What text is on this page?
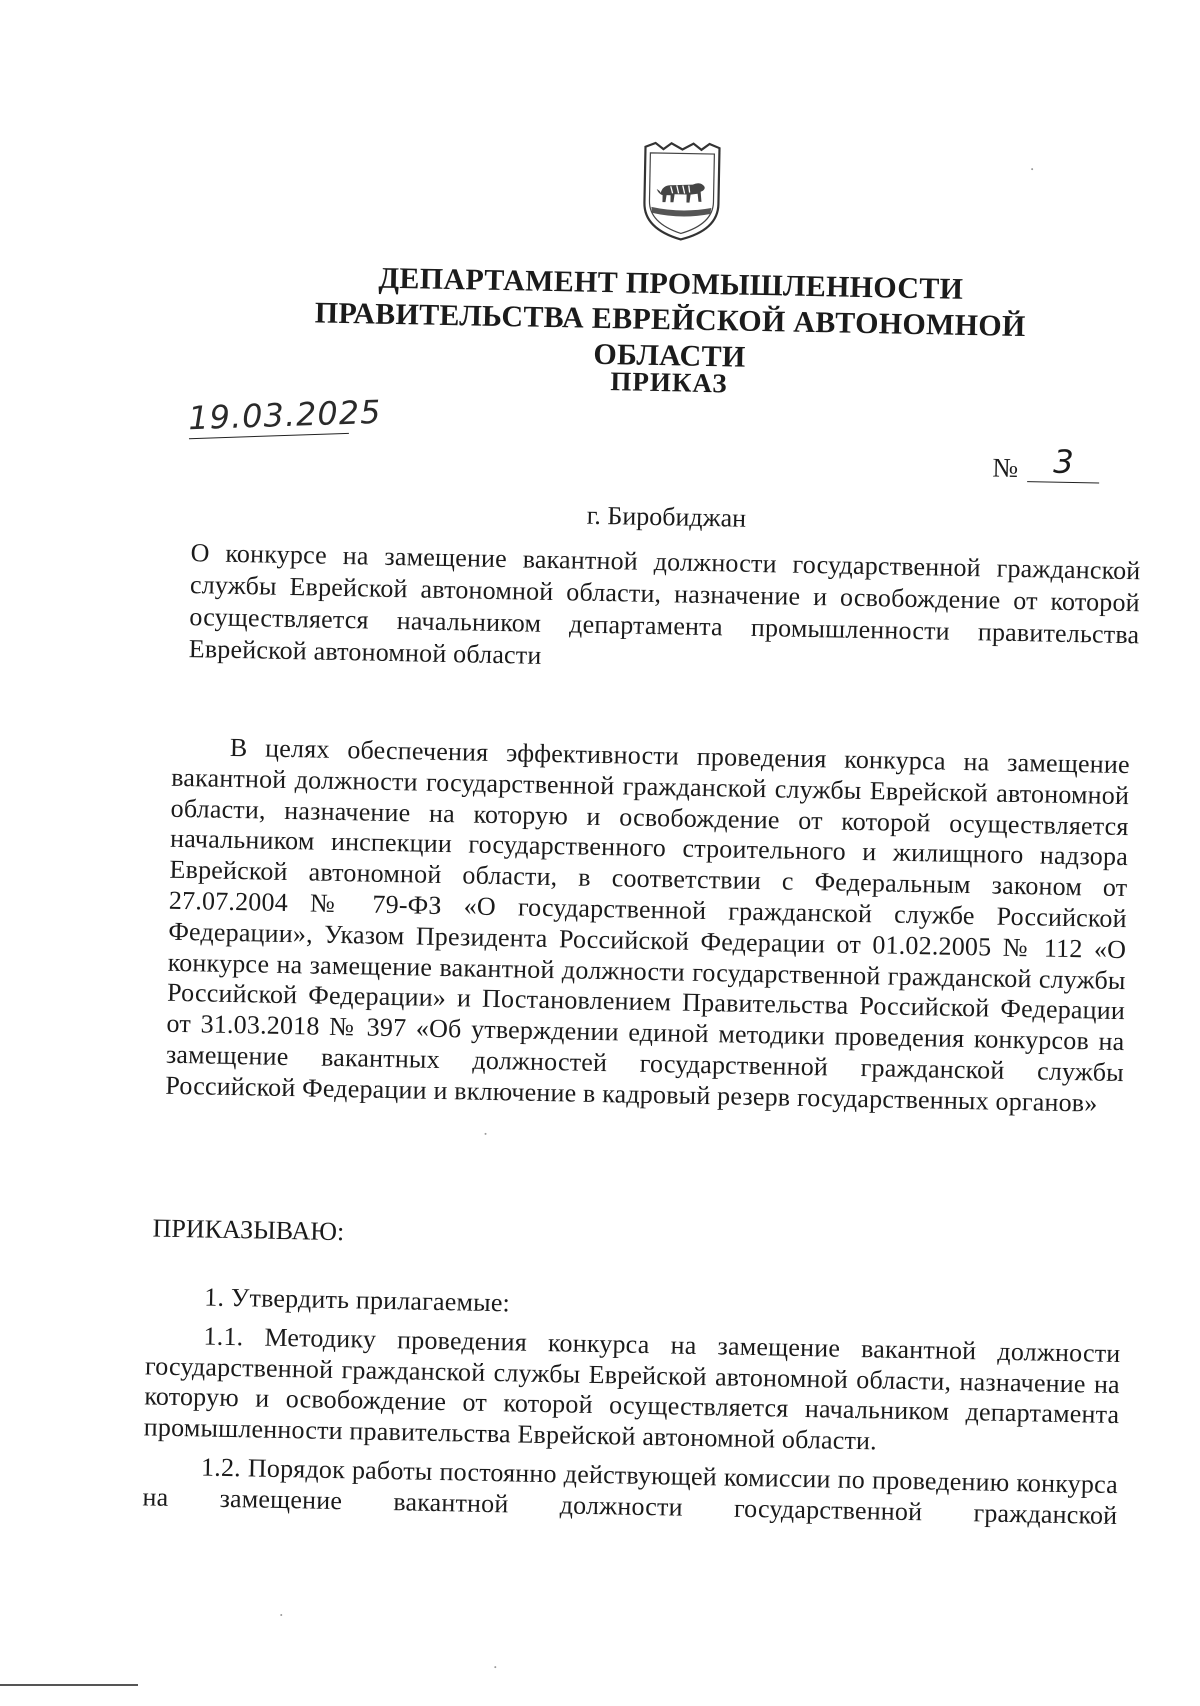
ДЕПАРТАМЕНТ ПРОМЫШЛЕННОСТИ
ПРАВИТЕЛЬСТВА ЕВРЕЙСКОЙ АВТОНОМНОЙ ОБЛАСТИ
ПРИКАЗ
19.03.2025
№	3
г. Биробиджан
О конкурсе на замещение вакантной должности государственной гражданской службы Еврейской автономной области, назначение и освобождение от которой осуществляется начальником департамента промышленности правительства Еврейской автономной области
В целях обеспечения эффективности проведения конкурса на замещение вакантной должности государственной гражданской службы Еврейской автономной области, назначение на которую и освобождение от которой осуществляется начальником инспекции государственного строительного и жилищного надзора Еврейской автономной области, в соответствии с Федеральным законом от 27.07.2004 № 79-ФЗ «О государственной гражданской службе Российской Федерации», Указом Президента Российской Федерации от 01.02.2005 № 112 «О конкурсе на замещение вакантной должности государственной гражданской службы Российской Федерации» и Постановлением Правительства Российской Федерации от 31.03.2018 № 397 «Об утверждении единой методики проведения конкурсов на замещение вакантных должностей государственной гражданской службы Российской Федерации и включение в кадровый резерв государственных органов»
ПРИКАЗЫВАЮ:

1. Утвердить прилагаемые:

1.1. Методику проведения конкурса на замещение вакантной должности государственной гражданской службы Еврейской автономной области, назначение на которую и освобождение от которой осуществляется начальником департамента промышленности правительства Еврейской автономной области.

1.2. Порядок работы постоянно действующей комиссии по проведению конкурса на замещение вакантной должности государственной гражданской
